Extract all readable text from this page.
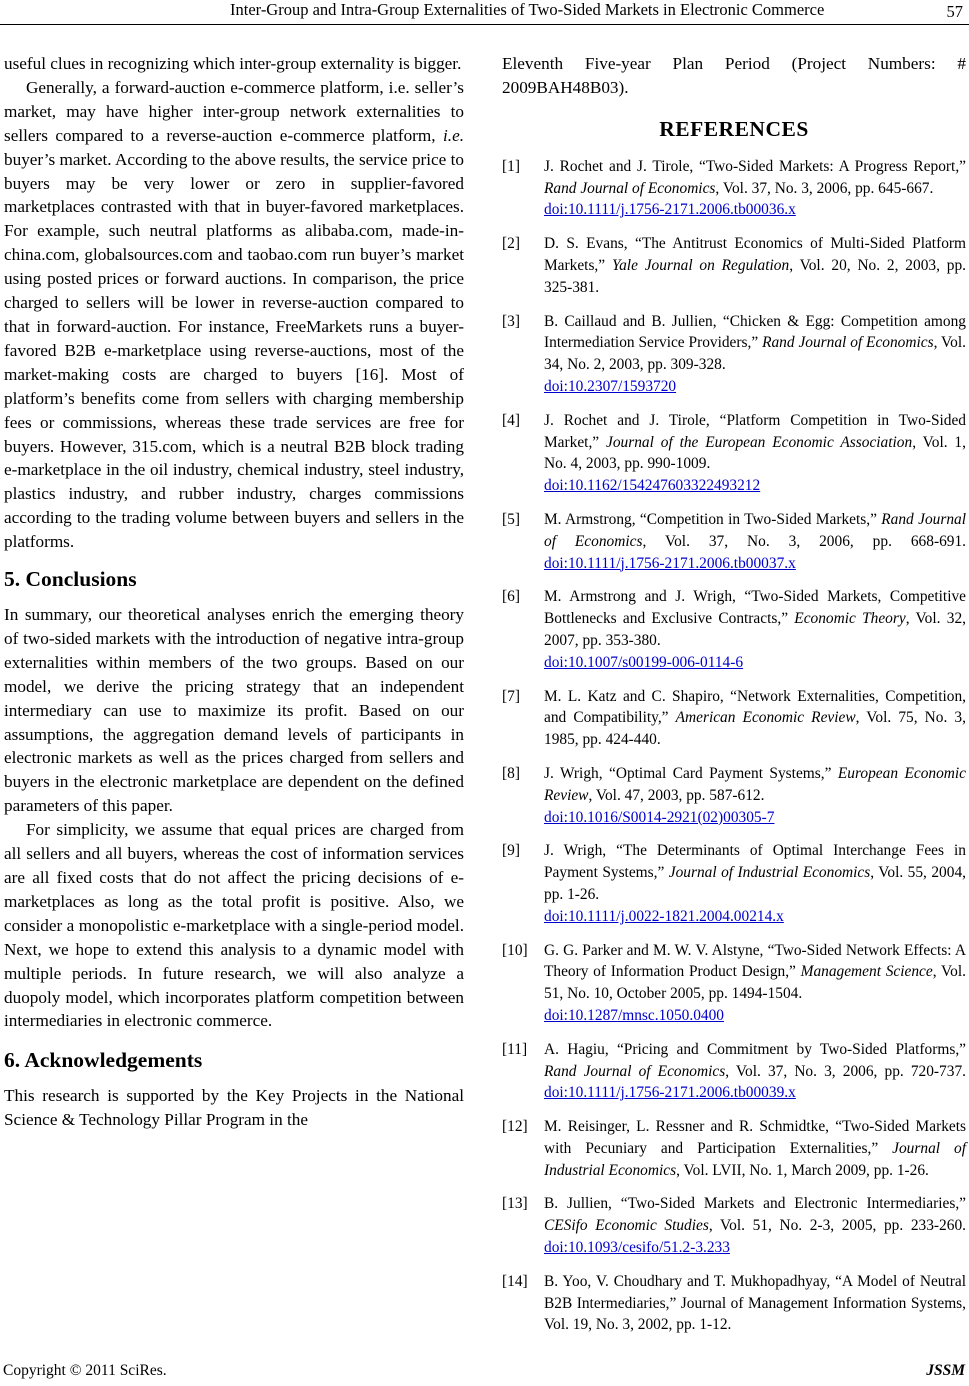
Inter-Group and Intra-Group Externalities of Two-Sided Markets in Electronic Commerce	57

useful clues in recognizing which inter-group externality is bigger.

Generally, a forward-auction e-commerce platform, i.e. seller’s market, may have higher inter-group network externalities to sellers compared to a reverse-auction e-commerce platform, i.e. buyer’s market. According to the above results, the service price to buyers may be very lower or zero in supplier-favored marketplaces contrasted with that in buyer-favored marketplaces. For example, such neutral platforms as alibaba.com, made-in-china.com, globalsources.com and taobao.com run buyer’s market using posted prices or forward auctions. In comparison, the price charged to sellers will be lower in reverse-auction compared to that in forward-auction. For instance, FreeMarkets runs a buyer-favored B2B e-marketplace using reverse-auctions, most of the market-making costs are charged to buyers [16]. Most of platform’s benefits come from sellers with charging membership fees or commissions, whereas these trade services are free for buyers. However, 315.com, which is a neutral B2B block trading e-marketplace in the oil industry, chemical industry, steel industry, plastics industry, and rubber industry, charges commissions according to the trading volume between buyers and sellers in the platforms.

5. Conclusions

In summary, our theoretical analyses enrich the emerging theory of two-sided markets with the introduction of negative intra-group externalities within members of the two groups. Based on our model, we derive the pricing strategy that an independent intermediary can use to maximize its profit. Based on our assumptions, the aggregation demand levels of participants in electronic markets as well as the prices charged from sellers and buyers in the electronic marketplace are dependent on the defined parameters of this paper.

For simplicity, we assume that equal prices are charged from all sellers and all buyers, whereas the cost of information services are all fixed costs that do not affect the pricing decisions of e-marketplaces as long as the total profit is positive. Also, we consider a monopolistic e-marketplace with a single-period model. Next, we hope to extend this analysis to a dynamic model with multiple periods. In future research, we will also analyze a duopoly model, which incorporates platform competition between intermediaries in electronic commerce.

6. Acknowledgements

This research is supported by the Key Projects in the National Science & Technology Pillar Program in the

Eleventh Five-year Plan Period (Project Numbers: # 2009BAH48B03).

REFERENCES
[1]	J. Rochet and J. Tirole, “Two-Sided Markets: A Progress Report,” Rand Journal of Economics, Vol. 37, No. 3, 2006, pp. 645-667.
doi:10.1111/j.1756-2171.2006.tb00036.x
[2]	D. S. Evans, “The Antitrust Economics of Multi-Sided Platform Markets,” Yale Journal on Regulation, Vol. 20, No. 2, 2003, pp. 325-381.
[3]	B. Caillaud and B. Jullien, “Chicken & Egg: Competition among Intermediation Service Providers,” Rand Journal of Economics, Vol. 34, No. 2, 2003, pp. 309-328.
doi:10.2307/1593720
[4]	J. Rochet and J. Tirole, “Platform Competition in Two-Sided Market,” Journal of the European Economic Association, Vol. 1, No. 4, 2003, pp. 990-1009.
doi:10.1162/154247603322493212
[5]	M. Armstrong, “Competition in Two-Sided Markets,” Rand Journal of Economics, Vol. 37, No. 3, 2006, pp. 668-691. doi:10.1111/j.1756-2171.2006.tb00037.x
[6]	M. Armstrong and J. Wrigh, “Two-Sided Markets, Competitive Bottlenecks and Exclusive Contracts,” Economic Theory, Vol. 32, 2007, pp. 353-380.
doi:10.1007/s00199-006-0114-6
[7]	M. L. Katz and C. Shapiro, “Network Externalities, Competition, and Compatibility,” American Economic Review, Vol. 75, No. 3, 1985, pp. 424-440.
[8]	J. Wrigh, “Optimal Card Payment Systems,” European Economic Review, Vol. 47, 2003, pp. 587-612.
doi:10.1016/S0014-2921(02)00305-7
[9]	J. Wrigh, “The Determinants of Optimal Interchange Fees in Payment Systems,” Journal of Industrial Economics, Vol. 55, 2004, pp. 1-26.
doi:10.1111/j.0022-1821.2004.00214.x
[10]	G. G. Parker and M. W. V. Alstyne, “Two-Sided Network Effects: A Theory of Information Product Design,” Management Science, Vol. 51, No. 10, October 2005, pp. 1494-1504.
doi:10.1287/mnsc.1050.0400
[11]	A. Hagiu, “Pricing and Commitment by Two-Sided Platforms,” Rand Journal of Economics, Vol. 37, No. 3, 2006, pp. 720-737. doi:10.1111/j.1756-2171.2006.tb00039.x
[12]	M. Reisinger, L. Ressner and R. Schmidtke, “Two-Sided Markets with Pecuniary and Participation Externalities,” Journal of Industrial Economics, Vol. LVII, No. 1, March 2009, pp. 1-26.
[13]	B. Jullien, “Two-Sided Markets and Electronic Intermediaries,” CESifo Economic Studies, Vol. 51, No. 2-3, 2005, pp. 233-260. doi:10.1093/cesifo/51.2-3.233
[14]	B. Yoo, V. Choudhary and T. Mukhopadhyay, “A Model of Neutral B2B Intermediaries,” Journal of Management Information Systems, Vol. 19, No. 3, 2002, pp. 1-12.
Copyright © 2011 SciRes.	JSSM
